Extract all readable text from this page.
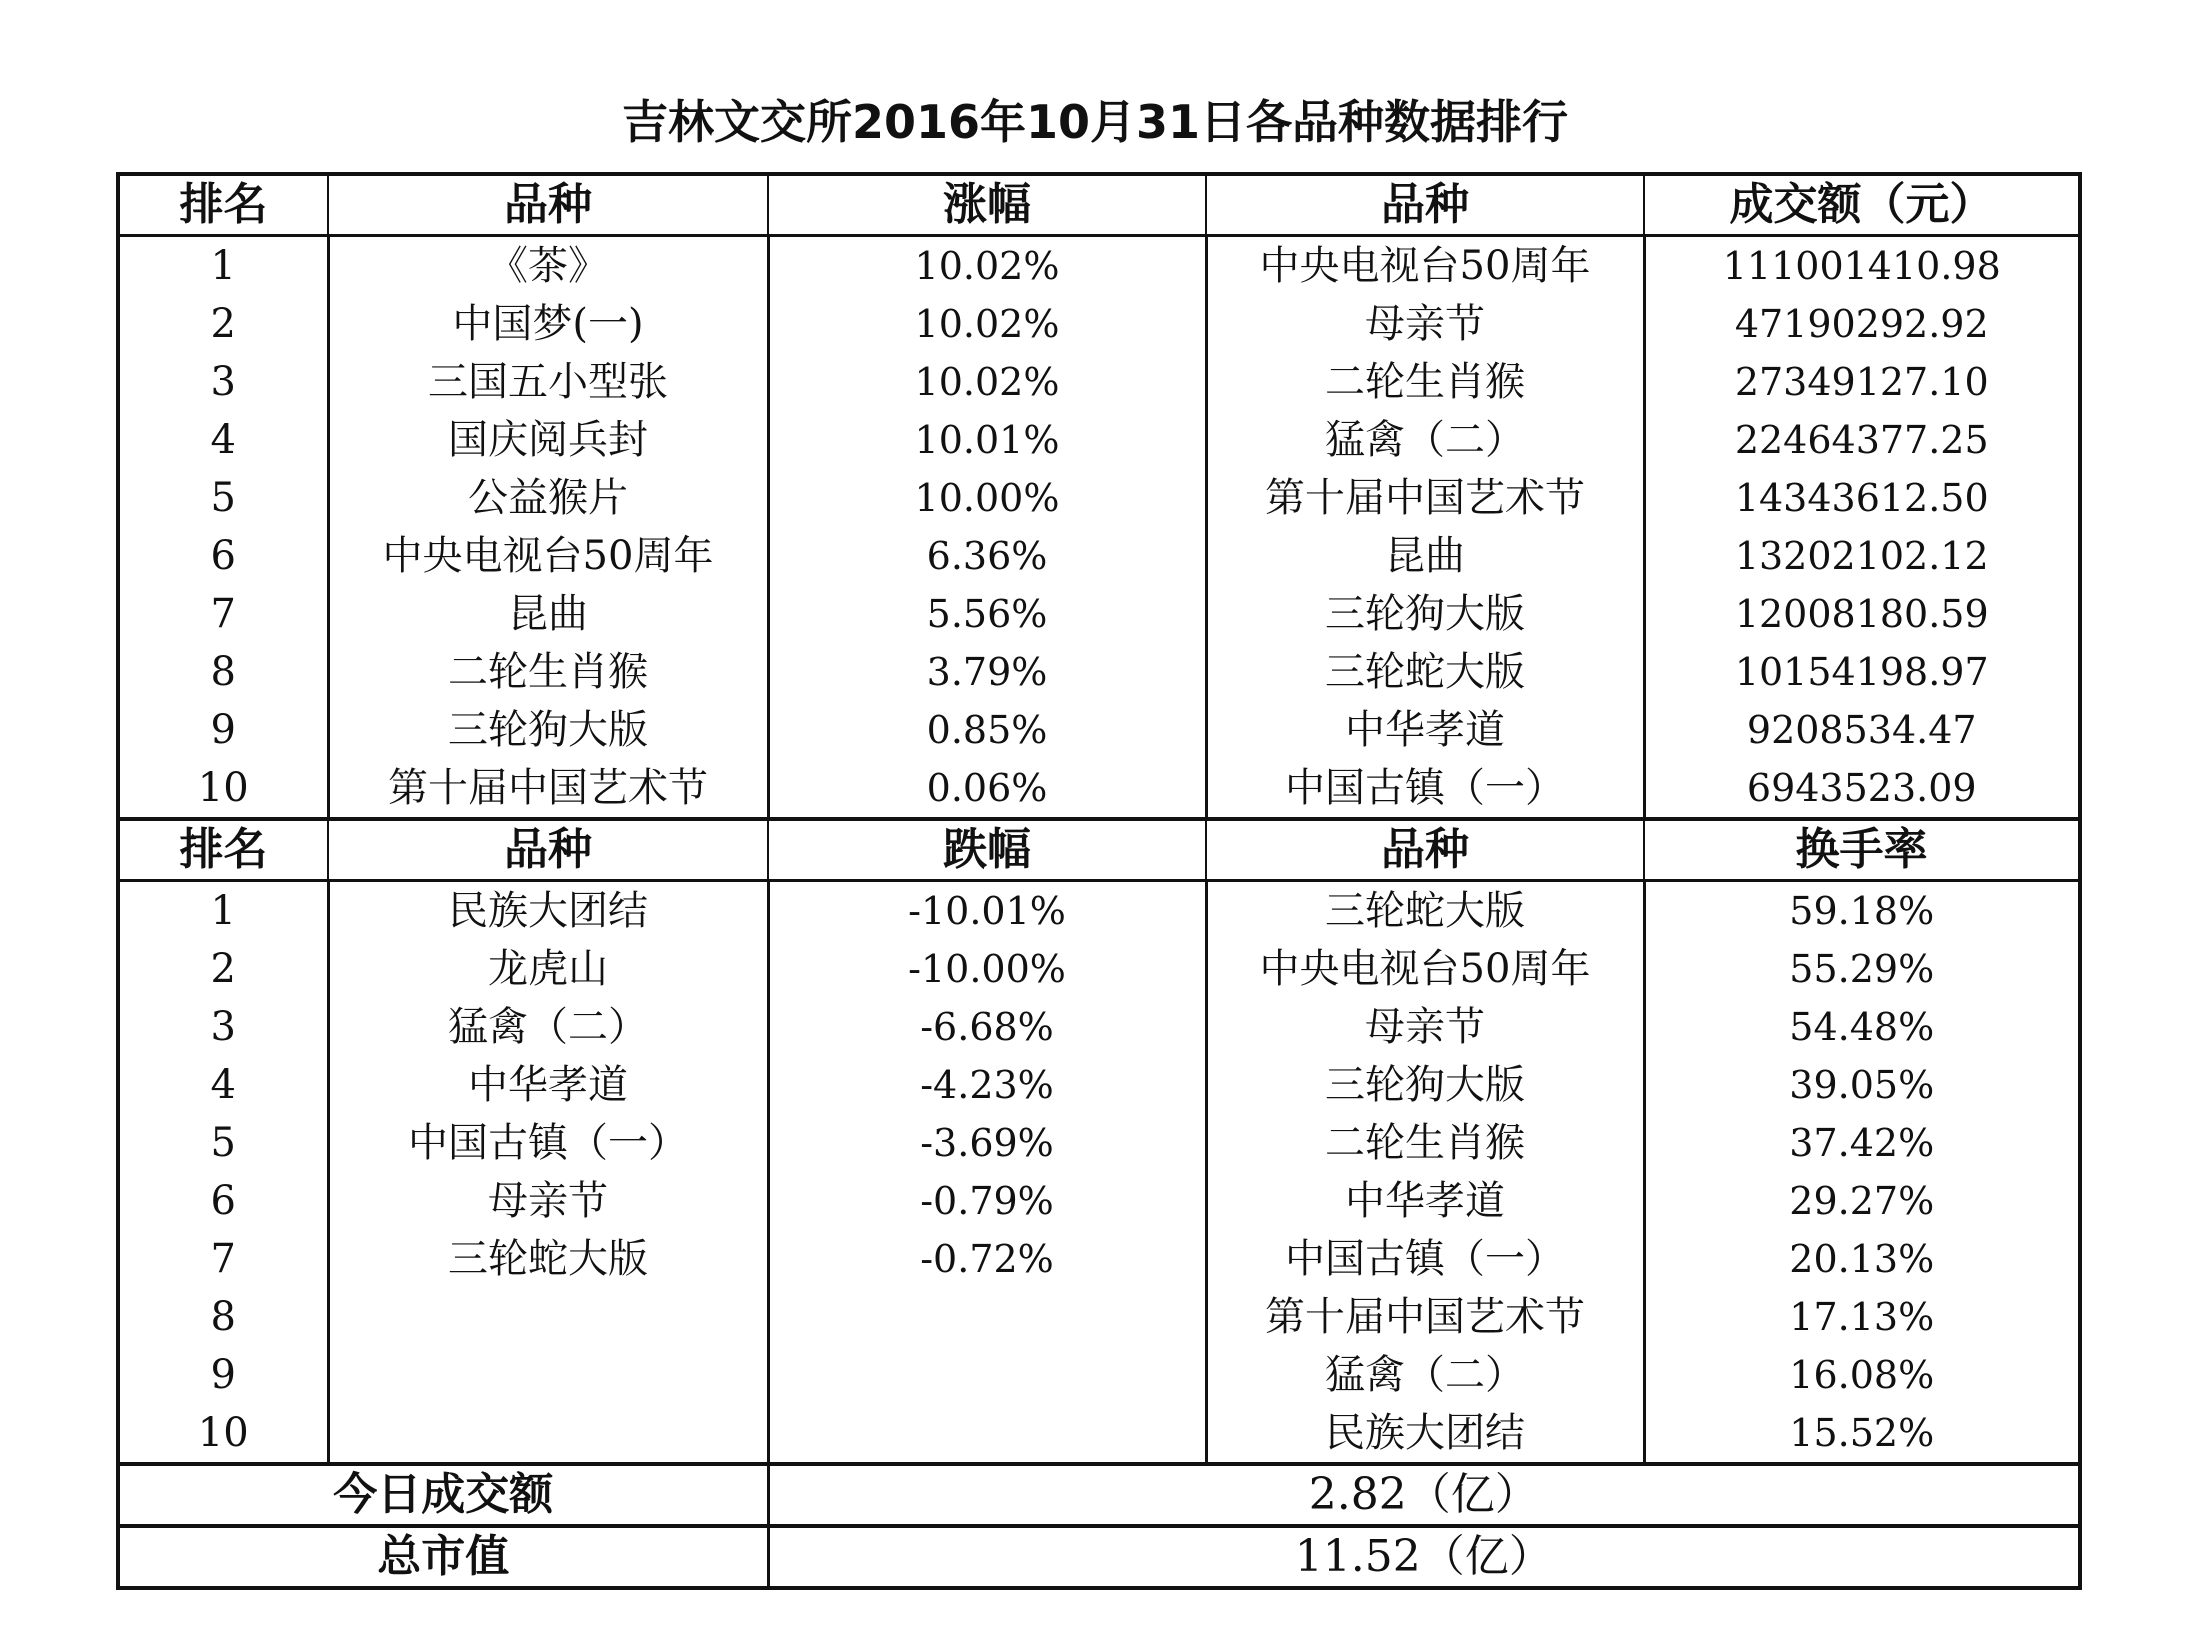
吉林文交所2016年10月31日各品种数据排行
排名	品种	涨幅	品种	成交额（元）
1	《茶》	10.02%	中央电视台50周年	111001410.98
2	中国梦(一)	10.02%	母亲节	47190292.92
3	三国五小型张	10.02%	二轮生肖猴	27349127.10
4	国庆阅兵封	10.01%	猛禽（二）	22464377.25
5	公益猴片	10.00%	第十届中国艺术节	14343612.50
6	中央电视台50周年	6.36%	昆曲	13202102.12
7	昆曲	5.56%	三轮狗大版	12008180.59
8	二轮生肖猴	3.79%	三轮蛇大版	10154198.97
9	三轮狗大版	0.85%	中华孝道	9208534.47
10	第十届中国艺术节	0.06%	中国古镇（一）	6943523.09
排名	品种	跌幅	品种	换手率
1	民族大团结	-10.01%	三轮蛇大版	59.18%
2	龙虎山	-10.00%	中央电视台50周年	55.29%
3	猛禽（二）	-6.68%	母亲节	54.48%
4	中华孝道	-4.23%	三轮狗大版	39.05%
5	中国古镇（一）	-3.69%	二轮生肖猴	37.42%
6	母亲节	-0.79%	中华孝道	29.27%
7	三轮蛇大版	-0.72%	中国古镇（一）	20.13%
8			第十届中国艺术节	17.13%
9			猛禽（二）	16.08%
10			民族大团结	15.52%
今日成交额		2.82（亿）		
总市值		11.52（亿）		
